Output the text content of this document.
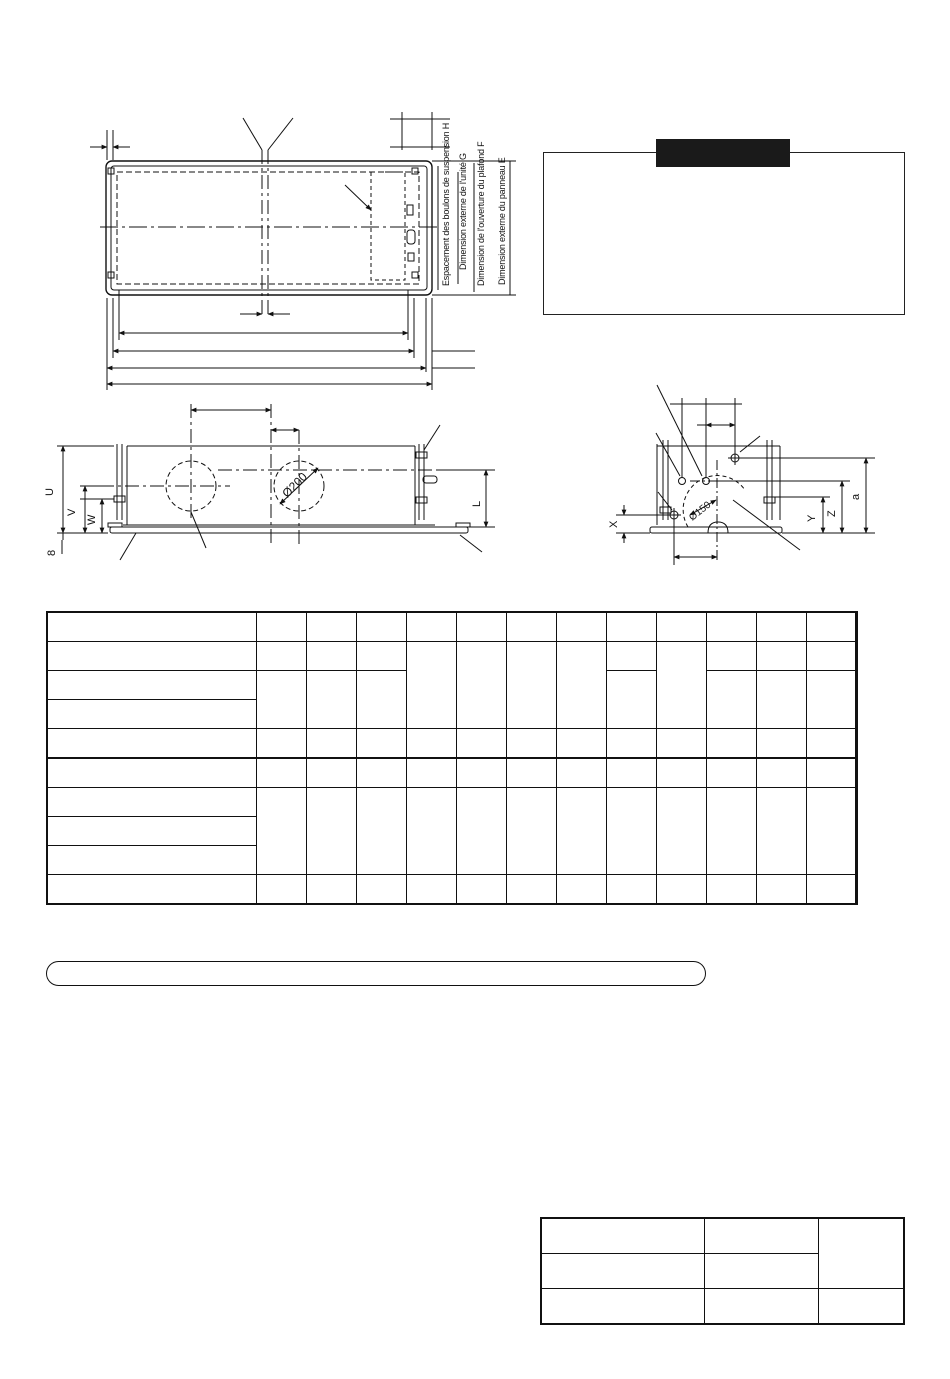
Espacement des boulons de suspension H Dimension externe de l'unité G Dimension de l'ouverture du plafond F Dimension externe du panneau E
U
V
W
8
L
Ø200
X
Y
Z
a
Ø150
